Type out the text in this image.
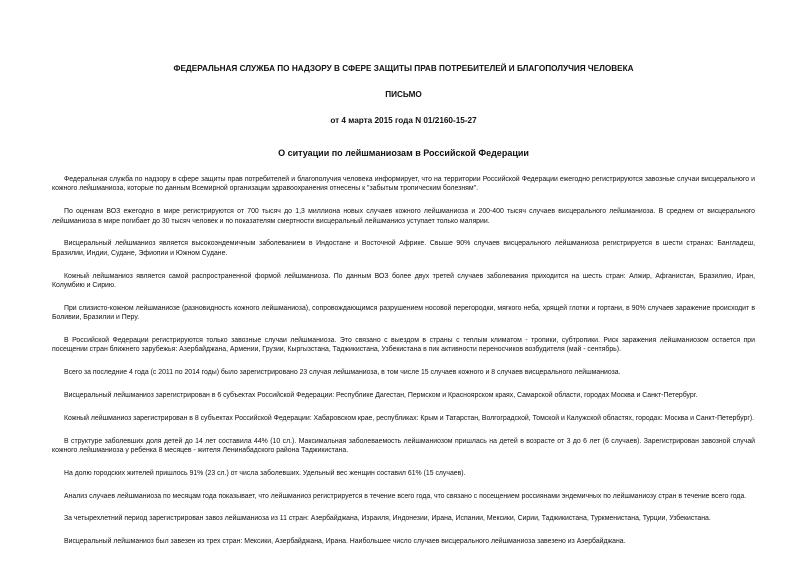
ФЕДЕРАЛЬНАЯ СЛУЖБА ПО НАДЗОРУ В СФЕРЕ ЗАЩИТЫ ПРАВ ПОТРЕБИТЕЛЕЙ И БЛАГОПОЛУЧИЯ ЧЕЛОВЕКА
ПИСЬМО
от 4 марта 2015 года N 01/2160-15-27
О ситуации по лейшманиозам в Российской Федерации

Федеральная служба по надзору в сфере защиты прав потребителей и благополучия человека информирует, что на территории Российской Федерации ежегодно регистрируются завозные случаи висцерального и кожного лейшманиоза, которые по данным Всемирной организации здравоохранения отнесены к "забытым тропическим болезням".

По оценкам ВОЗ ежегодно в мире регистрируются от 700 тысяч до 1,3 миллиона новых случаев кожного лейшманиоза и 200-400 тысяч случаев висцерального лейшманиоза. В среднем от висцерального лейшманиоза в мире погибает до 30 тысяч человек и по показателям смертности висцеральный лейшманиоз уступает только малярии.

Висцеральный лейшманиоз является высокоэндемичным заболеванием в Индостане и Восточной Африке. Свыше 90% случаев висцерального лейшманиоза регистрируется в шести странах: Бангладеш, Бразилии, Индии, Судане, Эфиопии и Южном Судане.

Кожный лейшманиоз является самой распространенной формой лейшманиоза. По данным ВОЗ более двух третей случаев заболевания приходится на шесть стран: Алжир, Афганистан, Бразилию, Иран, Колумбию и Сирию.

При слизисто-кожном лейшманиозе (разновидность кожного лейшманиоза), сопровождающимся разрушением носовой перегородки, мягкого неба, хрящей глотки и гортани, в 90% случаев заражение происходит в Боливии, Бразилии и Перу.

В Российской Федерации регистрируются только завозные случаи лейшманиоза. Это связано с выездом в страны с теплым климатом - тропики, субтропики. Риск заражения лейшманиозом остается при посещении стран ближнего зарубежья: Азербайджана, Армении, Грузии, Кыргызстана, Таджикистана, Узбекистана в пик активности переносчиков возбудителя (май - сентябрь).

Всего за последние 4 года (с 2011 по 2014 годы) было зарегистрировано 23 случая лейшманиоза, в том числе 15 случаев кожного и 8 случаев висцерального лейшманиоза.

Висцеральный лейшманиоз зарегистрирован в 6 субъектах Российской Федерации: Республике Дагестан, Пермском и Красноярском краях, Самарской области, городах Москва и Санкт-Петербург.

Кожный лейшманиоз зарегистрирован в 8 субъектах Российской Федерации: Хабаровском крае, республиках: Крым и Татарстан, Волгоградской, Томской и Калужской областях, городах: Москва и Санкт-Петербург).

В структуре заболевших доля детей до 14 лет составила 44% (10 сл.). Максимальная заболеваемость лейшманиозом пришлась на детей в возрасте от 3 до 6 лет (6 случаев). Зарегистрирован завозной случай кожного лейшманиоза у ребенка 8 месяцев - жителя Ленинабадского района Таджикистана.

На долю городских жителей пришлось 91% (23 сл.) от числа заболевших. Удельный вес женщин составил 61% (15 случаев).

Анализ случаев лейшманиоза по месяцам года показывает, что лейшманиоз регистрируется в течение всего года, что связано с посещением россиянами эндемичных по лейшманиозу стран в течение всего года.

За четырехлетний период зарегистрирован завоз лейшманиоза из 11 стран: Азербайджана, Израиля, Индонезии, Ирана, Испании, Мексики, Сирии, Таджикистана, Туркменистана, Турции, Узбекистана.

Висцеральный лейшманиоз был завезен из трех стран: Мексики, Азербайджана, Ирана. Наибольшее число случаев висцерального лейшманиоза завезено из Азербайджана.
